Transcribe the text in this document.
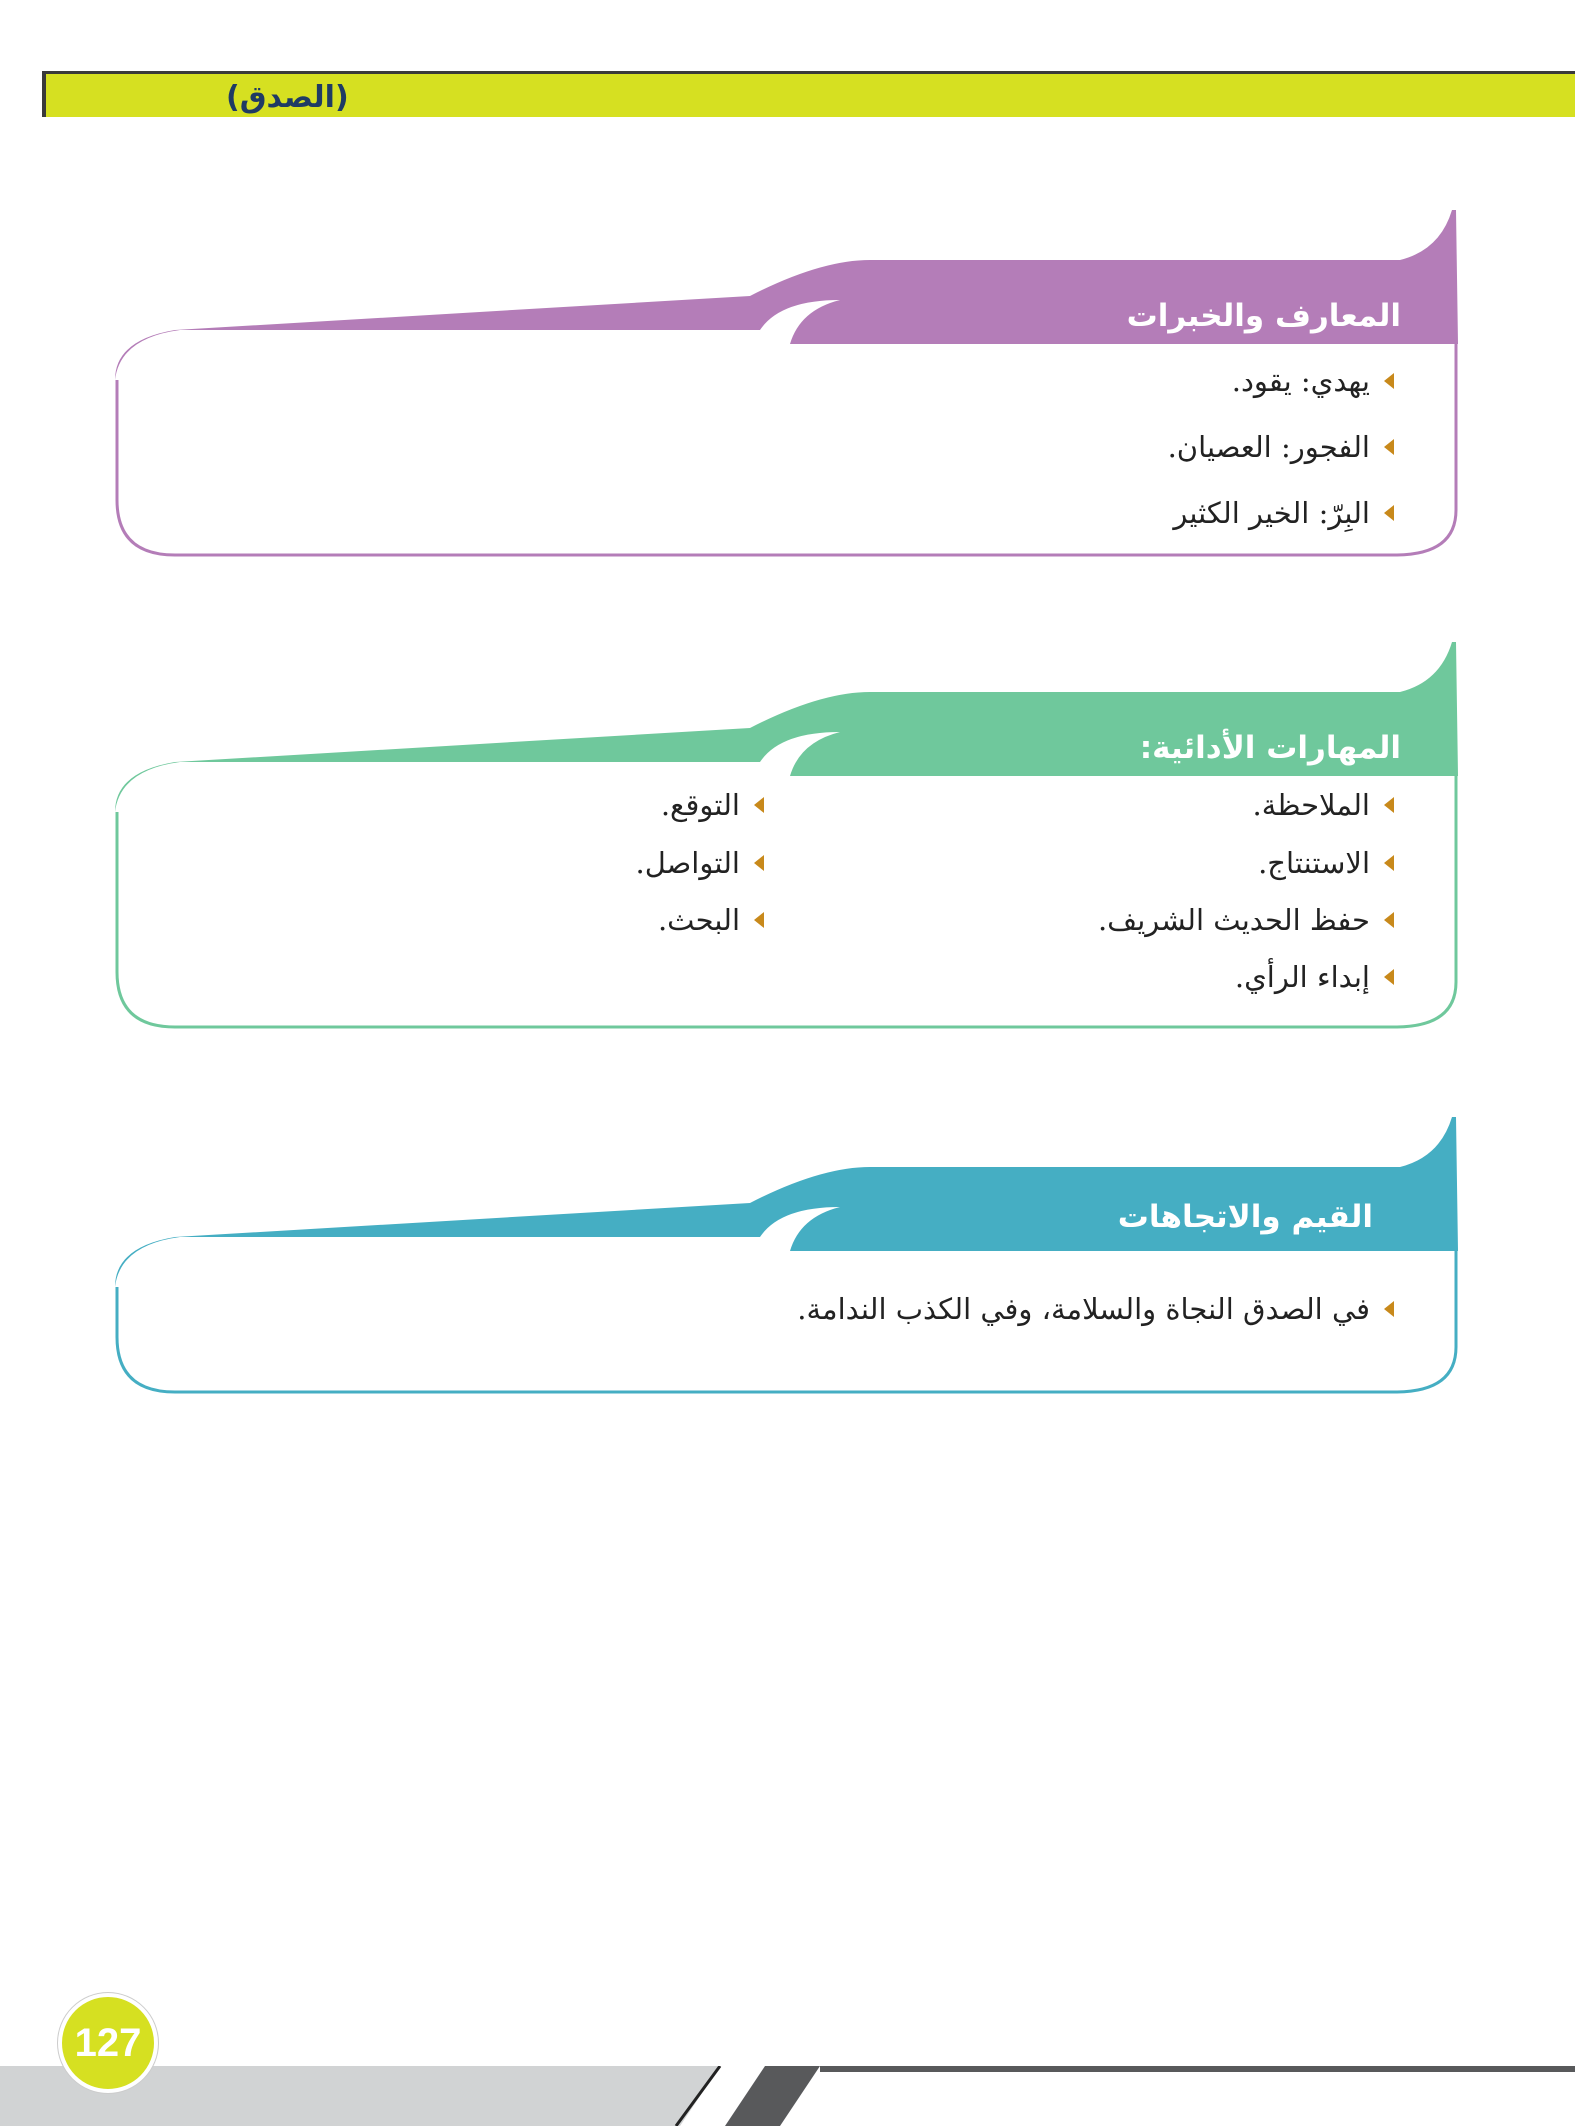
(الصدق)
المعارف والخبرات
يهدي: يقود.
الفجور: العصيان.
البِرّ: الخير الكثير
المهارات الأدائية:
الملاحظة.
الاستنتاج.
حفظ الحديث الشريف.
إبداء الرأي.
التوقع.
التواصل.
البحث.
القيم والاتجاهات
في الصدق النجاة والسلامة، وفي الكذب الندامة.
127
